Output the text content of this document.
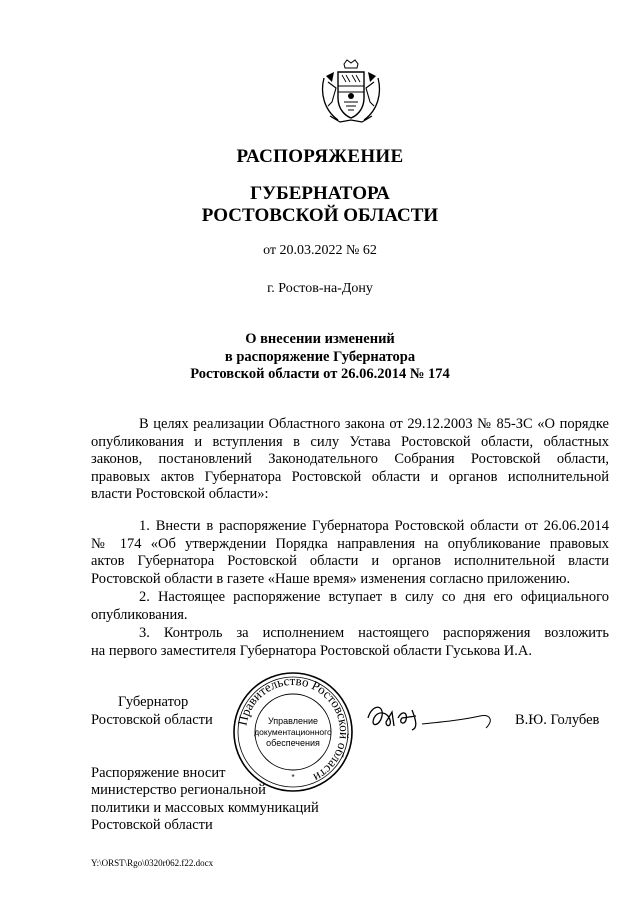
РАСПОРЯЖЕНИЕ
ГУБЕРНАТОРА
РОСТОВСКОЙ ОБЛАСТИ
от 20.03.2022 № 62
г. Ростов-на-Дону
О внесении изменений
в распоряжение Губернатора
Ростовской области от 26.06.2014 № 174
В целях реализации Областного закона от 29.12.2003 № 85-ЗС «О порядке
опубликования и вступления в силу Устава Ростовской области, областных
законов, постановлений Законодательного Собрания Ростовской области,
правовых актов Губернатора Ростовской области и органов исполнительной
власти Ростовской области»:
1. Внести в распоряжение Губернатора Ростовской области от 26.06.2014
№ 174 «Об утверждении Порядка направления на опубликование правовых
актов Губернатора Ростовской области и органов исполнительной власти
Ростовской области в газете «Наше время» изменения согласно приложению.
2. Настоящее распоряжение вступает в силу со дня его официального
опубликования.
3. Контроль за исполнением настоящего распоряжения возложить
на первого заместителя Губернатора Ростовской области Гуськова И.А.
Губернатор
Ростовской области Правительство Ростовской области
Управление
документационного
обеспечения
*
В.Ю. Голубев
Распоряжение вносит
министерство региональной
политики и массовых коммуникаций
Ростовской области
Y:\ORST\Rgo\0320r062.f22.docx
